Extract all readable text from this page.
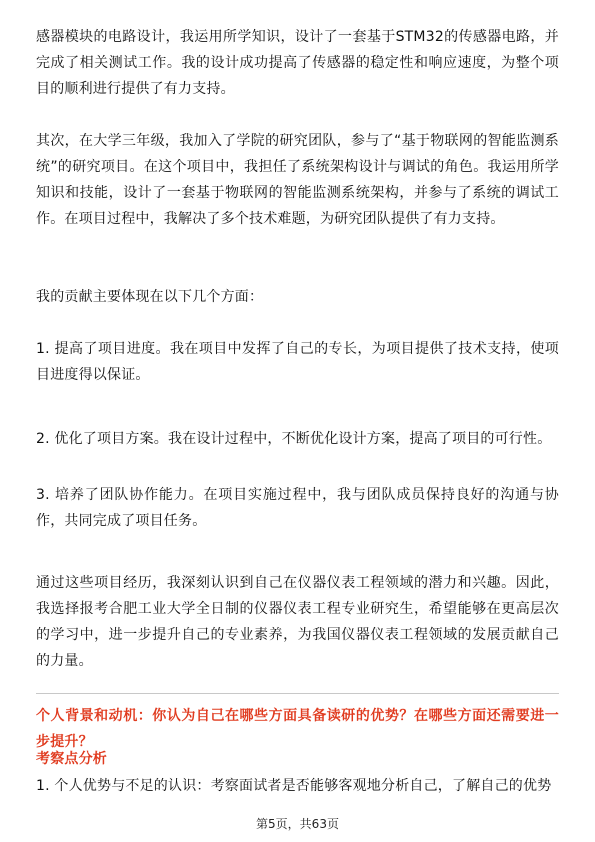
感器模块的电路设计，我运用所学知识，设计了一套基于STM32的传感器电路，并完成了相关测试工作。我的设计成功提高了传感器的稳定性和响应速度，为整个项目的顺利进行提供了有力支持。

其次，在大学三年级，我加入了学院的研究团队，参与了“基于物联网的智能监测系统”的研究项目。在这个项目中，我担任了系统架构设计与调试的角色。我运用所学知识和技能，设计了一套基于物联网的智能监测系统架构，并参与了系统的调试工作。在项目过程中，我解决了多个技术难题，为研究团队提供了有力支持。

我的贡献主要体现在以下几个方面：

1. 提高了项目进度。我在项目中发挥了自己的专长，为项目提供了技术支持，使项目进度得以保证。

2. 优化了项目方案。我在设计过程中，不断优化设计方案，提高了项目的可行性。

3. 培养了团队协作能力。在项目实施过程中，我与团队成员保持良好的沟通与协作，共同完成了项目任务。

通过这些项目经历，我深刻认识到自己在仪器仪表工程领域的潜力和兴趣。因此，我选择报考合肥工业大学全日制的仪器仪表工程专业研究生，希望能够在更高层次的学习中，进一步提升自己的专业素养，为我国仪器仪表工程领域的发展贡献自己的力量。

个人背景和动机：你认为自己在哪些方面具备读研的优势？在哪些方面还需要进一步提升？

考察点分析

1. 个人优势与不足的认识：考察面试者是否能够客观地分析自己，了解自己的优势

第5页，共63页
